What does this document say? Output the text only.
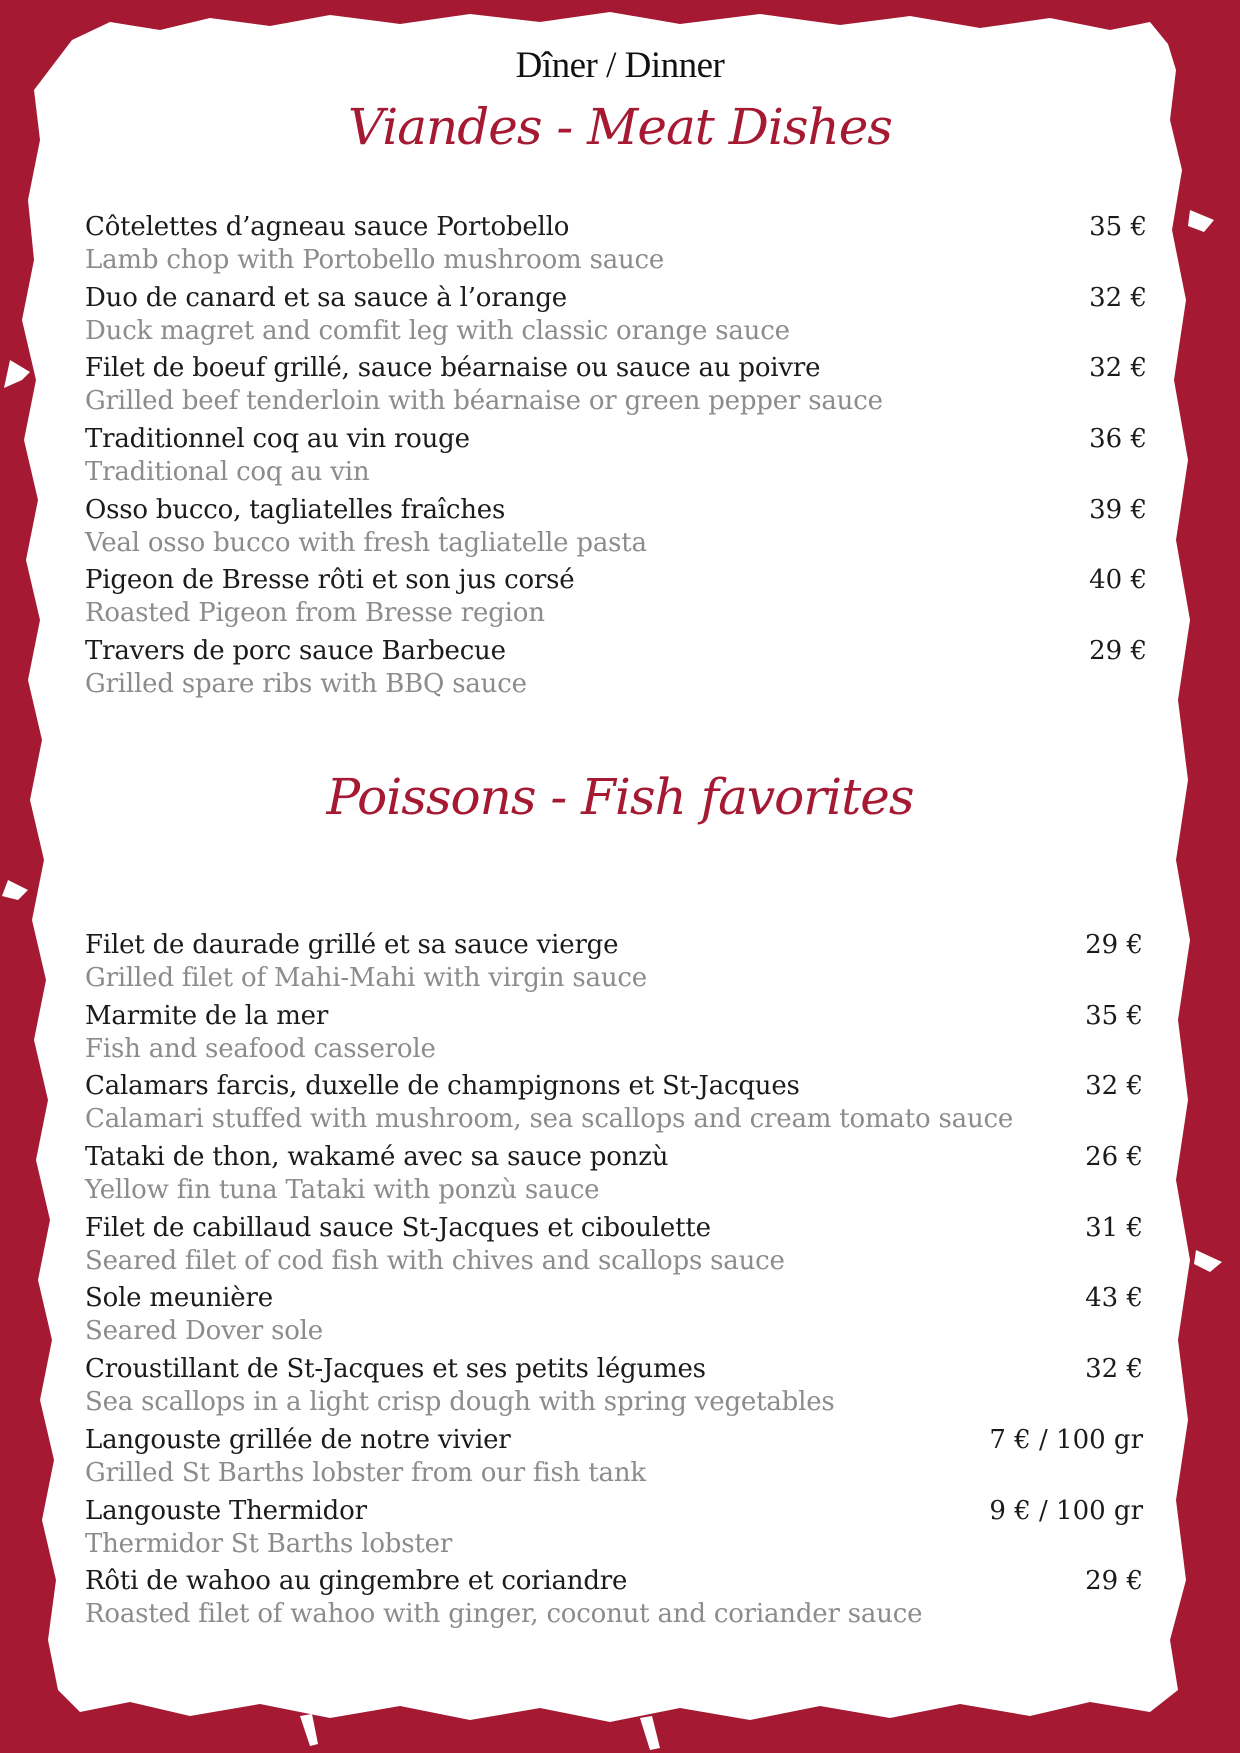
Dîner / Dinner
Viandes - Meat Dishes
Côtelettes d’agneau sauce Portobello
Lamb chop with Portobello mushroom sauce
35 €
Duo de canard et sa sauce à l’orange
Duck magret and comfit leg with classic orange sauce
32 €
Filet de boeuf grillé, sauce béarnaise ou sauce au poivre
Grilled beef tenderloin with béarnaise or green pepper sauce
32 €
Traditionnel coq au vin rouge
Traditional coq au vin
36 €
Osso bucco, tagliatelles fraîches
Veal osso bucco with fresh tagliatelle pasta
39 €
Pigeon de Bresse rôti et son jus corsé
Roasted Pigeon from Bresse region
40 €
Travers de porc sauce Barbecue
Grilled spare ribs with BBQ sauce
29 €
Poissons - Fish favorites
Filet de daurade grillé et sa sauce vierge
Grilled filet of Mahi-Mahi with virgin sauce
29 €
Marmite de la mer
Fish and seafood casserole
35 €
Calamars farcis, duxelle de champignons et St-Jacques
Calamari stuffed with mushroom, sea scallops and cream tomato sauce
32 €
Tataki de thon, wakamé avec sa sauce ponzù
Yellow fin tuna Tataki with ponzù sauce
26 €
Filet de cabillaud sauce St-Jacques et ciboulette
Seared filet of cod fish with chives and scallops sauce
31 €
Sole meunière
Seared Dover sole
43 €
Croustillant de St-Jacques et ses petits légumes
Sea scallops in a light crisp dough with spring vegetables
32 €
Langouste grillée de notre vivier
Grilled St Barths lobster from our fish tank
7 € / 100 gr
Langouste Thermidor
Thermidor St Barths lobster
9 € / 100 gr
Rôti de wahoo au gingembre et coriandre
Roasted filet of wahoo with ginger, coconut and coriander sauce
29 €
